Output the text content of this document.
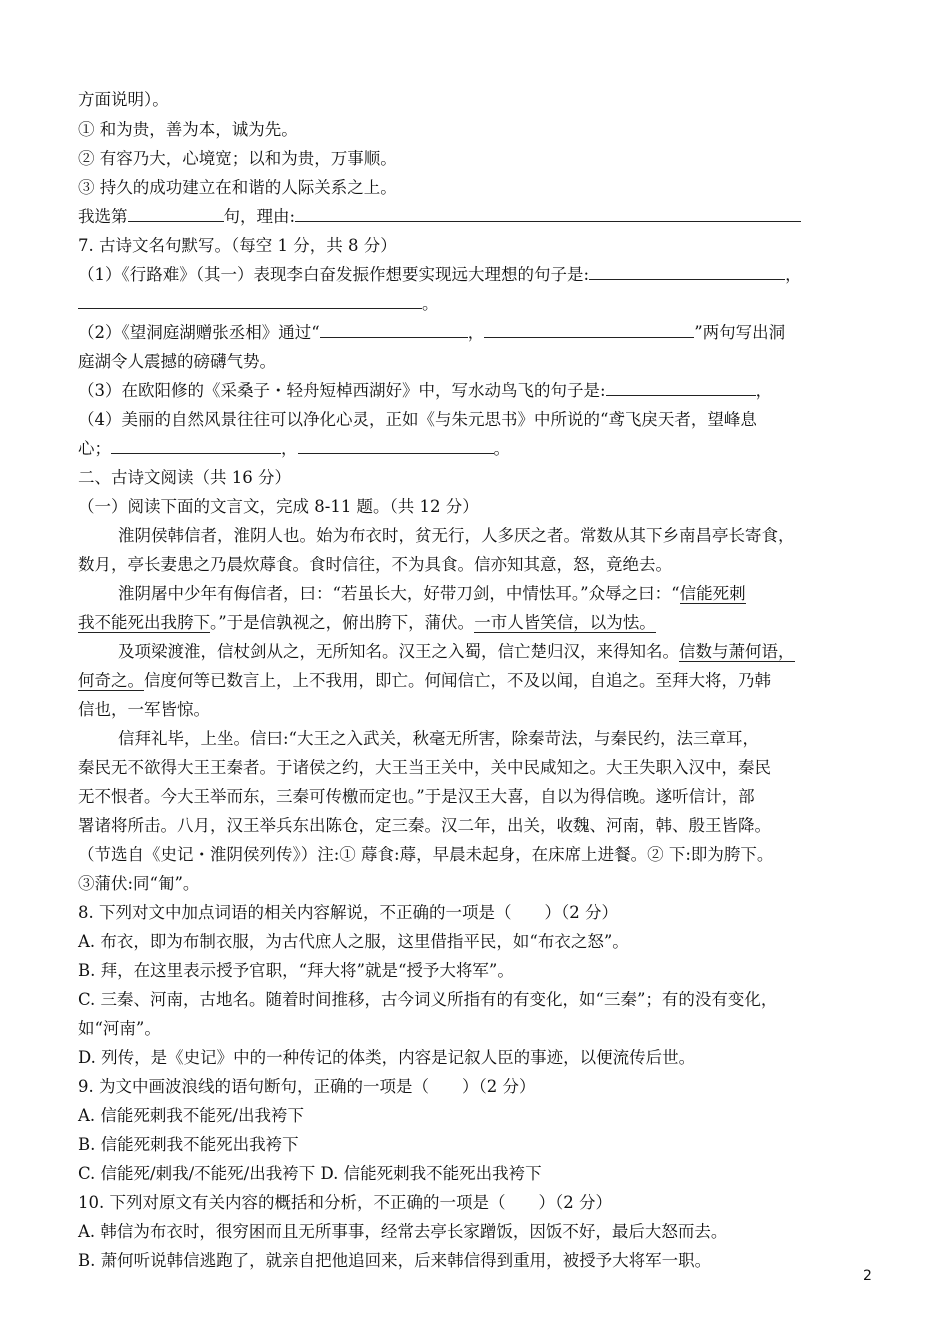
方面说明）。
① 和为贵，善为本，诚为先。
② 有容乃大，心境宽；以和为贵，万事顺。
③ 持久的成功建立在和谐的人际关系之上。
我选第	句，理由:
7. 古诗文名句默写。（每空 1 分，共 8 分）
（1）《行路难》（其一）表现李白奋发振作想要实现远大理想的句子是:	，
。
（2）《望洞庭湖赠张丞相》通过“	，	”两句写出洞
庭湖令人震撼的磅礴气势。
（3）在欧阳修的《采桑子・轻舟短棹西湖好》中，写水动鸟飞的句子是:	，
（4）美丽的自然风景往往可以净化心灵，正如《与朱元思书》中所说的“鸢飞戾天者，望峰息
心；	，	。
二、古诗文阅读（共 16 分）
（一）阅读下面的文言文，完成 8-11 题。（共 12 分）
淮阴侯韩信者，淮阴人也。始为布衣时，贫无行，人多厌之者。常数从其下乡南昌亭长寄食，
数月，亭长妻患之乃晨炊蓐食。食时信往，不为具食。信亦知其意，怒，竟绝去。
淮阴屠中少年有侮信者，曰：“若虽长大，好带刀剑，中情怯耳。”众辱之曰：“信能死刺
我不能死出我胯下。”于是信孰视之，俯出胯下，蒲伏。一市人皆笑信，以为怯。
及项梁渡淮，信杖剑从之，无所知名。汉王之入蜀，信亡楚归汉，来得知名。信数与萧何语，
何奇之。信度何等已数言上，上不我用，即亡。何闻信亡，不及以闻，自追之。至拜大将，乃韩
信也，一军皆惊。
信拜礼毕，上坐。信曰:“大王之入武关，秋毫无所害，除秦苛法，与秦民约，法三章耳，
秦民无不欲得大王王秦者。于诸侯之约，大王当王关中，关中民咸知之。大王失职入汉中，秦民
无不恨者。今大王举而东，三秦可传檄而定也。”于是汉王大喜，自以为得信晚。遂听信计，部
署诸将所击。八月，汉王举兵东出陈仓，定三秦。汉二年，出关，收魏、河南，韩、殷王皆降。
（节选自《史记・淮阴侯列传》）注:① 蓐食:蓐，早晨未起身，在床席上进餐。② 下:即为胯下。
③蒲伏:同“匍”。
8. 下列对文中加点词语的相关内容解说，不正确的一项是（　　）（2 分）
A. 布衣，即为布制衣服，为古代庶人之服，这里借指平民，如“布衣之怒”。
B. 拜，在这里表示授予官职，“拜大将”就是“授予大将军”。
C. 三秦、河南，古地名。随着时间推移，古今词义所指有的有变化，如“三秦”；有的没有变化，
如“河南”。
D. 列传，是《史记》中的一种传记的体类，内容是记叙人臣的事迹，以便流传后世。
9. 为文中画波浪线的语句断句，正确的一项是（　　）（2 分）
A. 信能死刺我不能死/出我袴下
B. 信能死刺我不能死出我袴下
C. 信能死/刺我/不能死/出我袴下 D. 信能死刺我不能死出我袴下
10. 下列对原文有关内容的概括和分析，不正确的一项是（　　）（2 分）
A. 韩信为布衣时，很穷困而且无所事事，经常去亭长家蹭饭，因饭不好，最后大怒而去。
B. 萧何听说韩信逃跑了，就亲自把他追回来，后来韩信得到重用，被授予大将军一职。
2
